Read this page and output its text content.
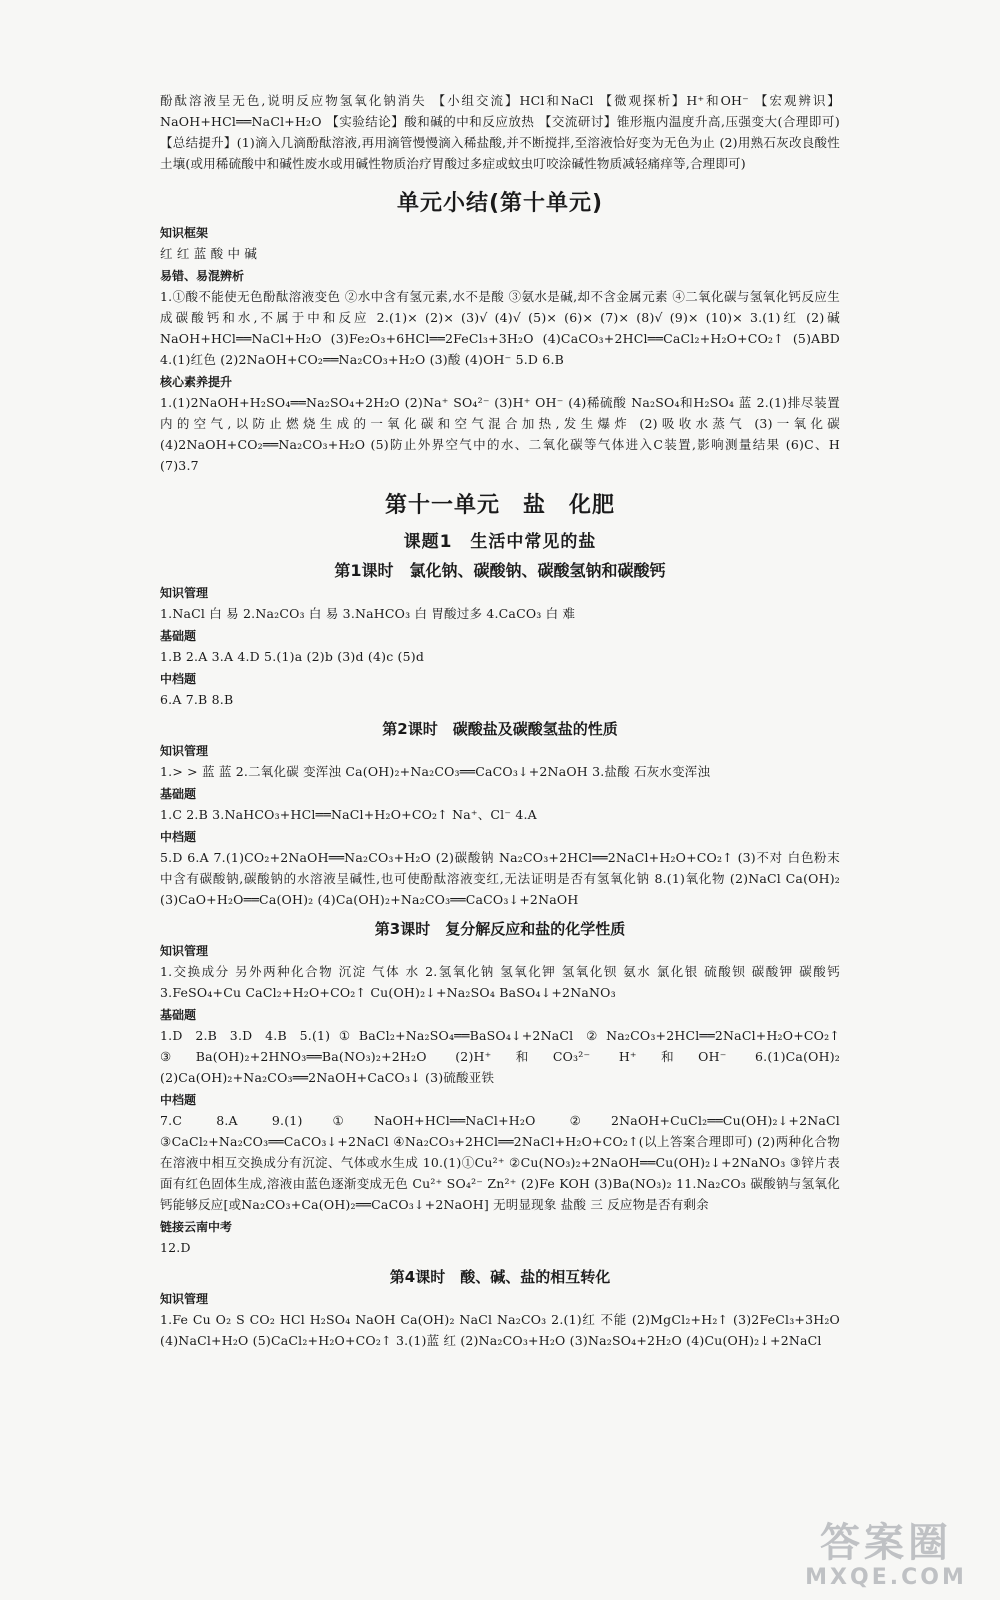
酚酞溶液呈无色,说明反应物氢氧化钠消失 【小组交流】HCl和NaCl 【微观探析】H⁺和OH⁻ 【宏观辨识】NaOH+HCl══NaCl+H₂O 【实验结论】酸和碱的中和反应放热 【交流研讨】锥形瓶内温度升高,压强变大(合理即可) 【总结提升】(1)滴入几滴酚酞溶液,再用滴管慢慢滴入稀盐酸,并不断搅拌,至溶液恰好变为无色为止 (2)用熟石灰改良酸性土壤(或用稀硫酸中和碱性废水或用碱性物质治疗胃酸过多症或蚊虫叮咬涂碱性物质减轻痛痒等,合理即可)

单元小结(第十单元)
知识框架

红 红 蓝 酸 中 碱

易错、易混辨析

1.①酸不能使无色酚酞溶液变色 ②水中含有氢元素,水不是酸 ③氨水是碱,却不含金属元素 ④二氧化碳与氢氧化钙反应生成碳酸钙和水,不属于中和反应 2.(1)× (2)× (3)√ (4)√ (5)× (6)× (7)× (8)√ (9)× (10)× 3.(1)红 (2)碱 NaOH+HCl══NaCl+H₂O (3)Fe₂O₃+6HCl══2FeCl₃+3H₂O (4)CaCO₃+2HCl══CaCl₂+H₂O+CO₂↑ (5)ABD 4.(1)红色 (2)2NaOH+CO₂══Na₂CO₃+H₂O (3)酸 (4)OH⁻ 5.D 6.B

核心素养提升

1.(1)2NaOH+H₂SO₄══Na₂SO₄+2H₂O (2)Na⁺ SO₄²⁻ (3)H⁺ OH⁻ (4)稀硫酸 Na₂SO₄和H₂SO₄ 蓝 2.(1)排尽装置内的空气,以防止燃烧生成的一氧化碳和空气混合加热,发生爆炸 (2)吸收水蒸气 (3)一氧化碳 (4)2NaOH+CO₂══Na₂CO₃+H₂O (5)防止外界空气中的水、二氧化碳等气体进入C装置,影响测量结果 (6)C、H (7)3.7

第十一单元　盐　化肥
课题1　生活中常见的盐
第1课时　氯化钠、碳酸钠、碳酸氢钠和碳酸钙
知识管理

1.NaCl 白 易 2.Na₂CO₃ 白 易 3.NaHCO₃ 白 胃酸过多 4.CaCO₃ 白 难

基础题

1.B 2.A 3.A 4.D 5.(1)a (2)b (3)d (4)c (5)d

中档题

6.A 7.B 8.B

第2课时　碳酸盐及碳酸氢盐的性质
知识管理

1.> > 蓝 蓝 2.二氧化碳 变浑浊 Ca(OH)₂+Na₂CO₃══CaCO₃↓+2NaOH 3.盐酸 石灰水变浑浊

基础题

1.C 2.B 3.NaHCO₃+HCl══NaCl+H₂O+CO₂↑ Na⁺、Cl⁻ 4.A

中档题

5.D 6.A 7.(1)CO₂+2NaOH══Na₂CO₃+H₂O (2)碳酸钠 Na₂CO₃+2HCl══2NaCl+H₂O+CO₂↑ (3)不对 白色粉末中含有碳酸钠,碳酸钠的水溶液呈碱性,也可使酚酞溶液变红,无法证明是否有氢氧化钠 8.(1)氧化物 (2)NaCl Ca(OH)₂ (3)CaO+H₂O══Ca(OH)₂ (4)Ca(OH)₂+Na₂CO₃══CaCO₃↓+2NaOH

第3课时　复分解反应和盐的化学性质
知识管理

1.交换成分 另外两种化合物 沉淀 气体 水 2.氢氧化钠 氢氧化钾 氢氧化钡 氨水 氯化银 硫酸钡 碳酸钾 碳酸钙 3.FeSO₄+Cu CaCl₂+H₂O+CO₂↑ Cu(OH)₂↓+Na₂SO₄ BaSO₄↓+2NaNO₃

基础题

1.D 2.B 3.D 4.B 5.(1)①BaCl₂+Na₂SO₄══BaSO₄↓+2NaCl ②Na₂CO₃+2HCl══2NaCl+H₂O+CO₂↑ ③Ba(OH)₂+2HNO₃══Ba(NO₃)₂+2H₂O (2)H⁺和CO₃²⁻ H⁺和OH⁻ 6.(1)Ca(OH)₂ (2)Ca(OH)₂+Na₂CO₃══2NaOH+CaCO₃↓ (3)硫酸亚铁

中档题

7.C 8.A 9.(1)①NaOH+HCl══NaCl+H₂O ②2NaOH+CuCl₂══Cu(OH)₂↓+2NaCl ③CaCl₂+Na₂CO₃══CaCO₃↓+2NaCl ④Na₂CO₃+2HCl══2NaCl+H₂O+CO₂↑(以上答案合理即可) (2)两种化合物在溶液中相互交换成分有沉淀、气体或水生成 10.(1)①Cu²⁺ ②Cu(NO₃)₂+2NaOH══Cu(OH)₂↓+2NaNO₃ ③锌片表面有红色固体生成,溶液由蓝色逐渐变成无色 Cu²⁺ SO₄²⁻ Zn²⁺ (2)Fe KOH (3)Ba(NO₃)₂ 11.Na₂CO₃ 碳酸钠与氢氧化钙能够反应[或Na₂CO₃+Ca(OH)₂══CaCO₃↓+2NaOH] 无明显现象 盐酸 三 反应物是否有剩余

链接云南中考

12.D

第4课时　酸、碱、盐的相互转化
知识管理

1.Fe Cu O₂ S CO₂ HCl H₂SO₄ NaOH Ca(OH)₂ NaCl Na₂CO₃ 2.(1)红 不能 (2)MgCl₂+H₂↑ (3)2FeCl₃+3H₂O (4)NaCl+H₂O (5)CaCl₂+H₂O+CO₂↑ 3.(1)蓝 红 (2)Na₂CO₃+H₂O (3)Na₂SO₄+2H₂O (4)Cu(OH)₂↓+2NaCl

答案圈
MXQE.COM
